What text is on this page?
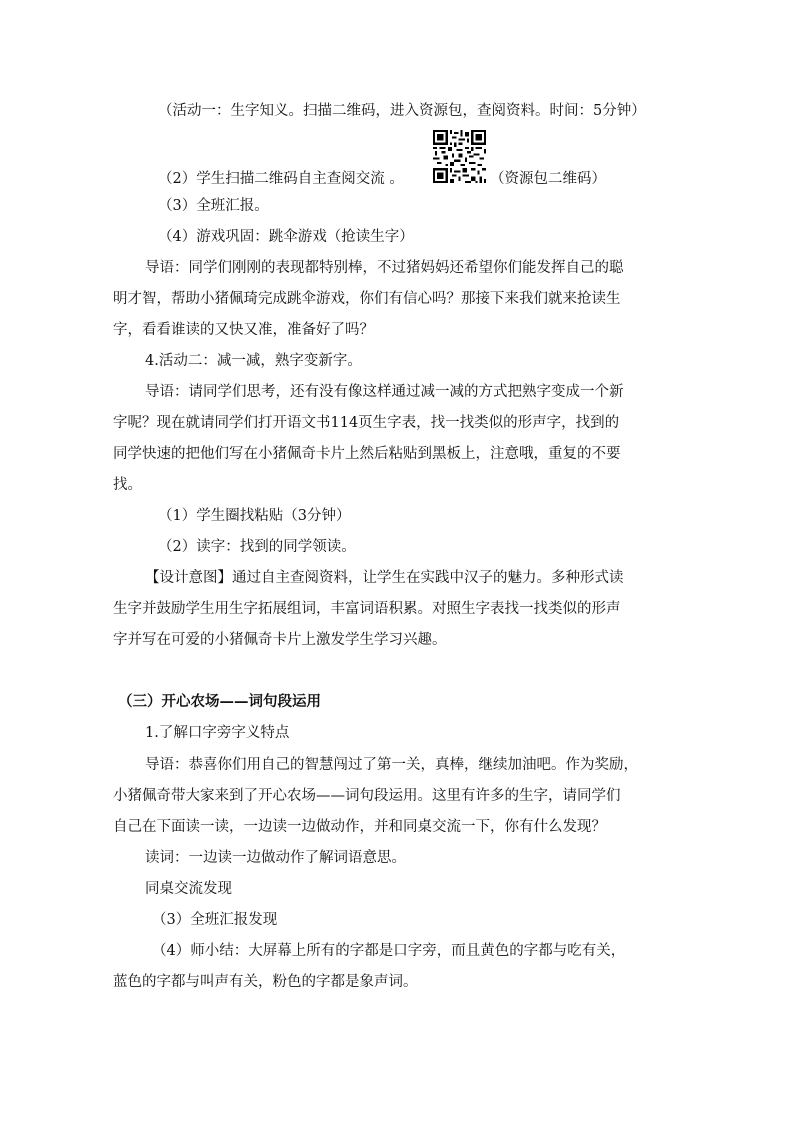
（活动一：生字知义。扫描二维码，进入资源包，查阅资料。时间：5分钟）
（2）学生扫描二维码自主查阅交流 。	（资源包二维码）
（3）全班汇报。
（4）游戏巩固：跳伞游戏（抢读生字）
导语：同学们刚刚的表现都特别棒，不过猪妈妈还希望你们能发挥自己的聪
明才智，帮助小猪佩琦完成跳伞游戏，你们有信心吗？那接下来我们就来抢读生
字，看看谁读的又快又准，准备好了吗？
4.活动二：减一减，熟字变新字。
导语：请同学们思考，还有没有像这样通过减一减的方式把熟字变成一个新
字呢？现在就请同学们打开语文书114页生字表，找一找类似的形声字，找到的
同学快速的把他们写在小猪佩奇卡片上然后粘贴到黑板上，注意哦，重复的不要
找。
（1）学生圈找粘贴（3分钟）
（2）读字：找到的同学领读。
【设计意图】通过自主查阅资料，让学生在实践中汉子的魅力。多种形式读
生字并鼓励学生用生字拓展组词，丰富词语积累。对照生字表找一找类似的形声
字并写在可爱的小猪佩奇卡片上激发学生学习兴趣。
（三）开心农场——词句段运用
1.了解口字旁字义特点
导语：恭喜你们用自己的智慧闯过了第一关，真棒，继续加油吧。作为奖励，
小猪佩奇带大家来到了开心农场——词句段运用。这里有许多的生字，请同学们
自己在下面读一读，一边读一边做动作，并和同桌交流一下，你有什么发现？
读词：一边读一边做动作了解词语意思。
同桌交流发现
（3）全班汇报发现
（4）师小结：大屏幕上所有的字都是口字旁，而且黄色的字都与吃有关，
蓝色的字都与叫声有关，粉色的字都是象声词。
